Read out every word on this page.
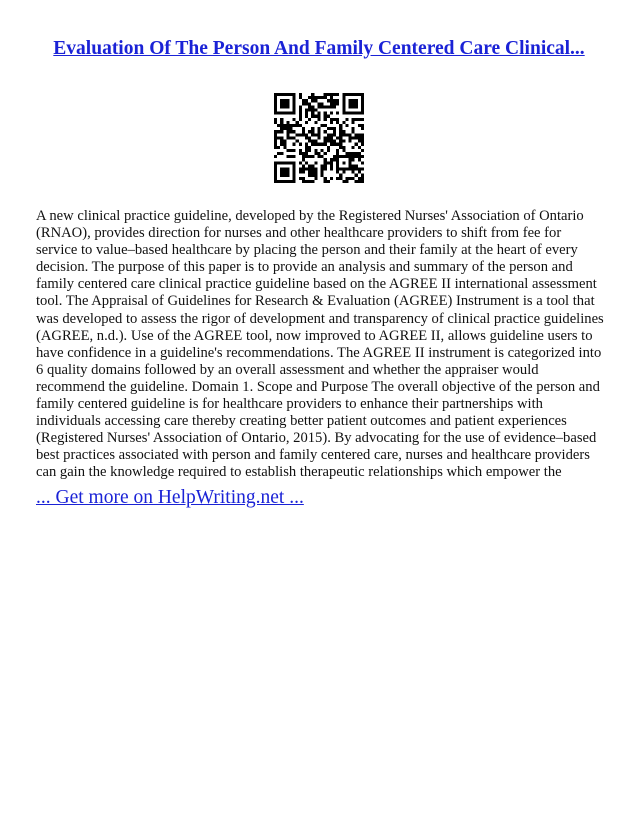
Evaluation Of The Person And Family Centered Care Clinical...

A new clinical practice guideline, developed by the Registered Nurses' Association of Ontario (RNAO), provides direction for nurses and other healthcare providers to shift from fee for service to value–based healthcare by placing the person and their family at the heart of every decision. The purpose of this paper is to provide an analysis and summary of the person and family centered care clinical practice guideline based on the AGREE II international assessment tool. The Appraisal of Guidelines for Research & Evaluation (AGREE) Instrument is a tool that was developed to assess the rigor of development and transparency of clinical practice guidelines (AGREE, n.d.). Use of the AGREE tool, now improved to AGREE II, allows guideline users to have confidence in a guideline's recommendations. The AGREE II instrument is categorized into 6 quality domains followed by an overall assessment and whether the appraiser would recommend the guideline. Domain 1. Scope and Purpose The overall objective of the person and family centered guideline is for healthcare providers to enhance their partnerships with individuals accessing care thereby creating better patient outcomes and patient experiences (Registered Nurses' Association of Ontario, 2015). By advocating for the use of evidence–based best practices associated with person and family centered care, nurses and healthcare providers can gain the knowledge required to establish therapeutic relationships which empower the

... Get more on HelpWriting.net ...
